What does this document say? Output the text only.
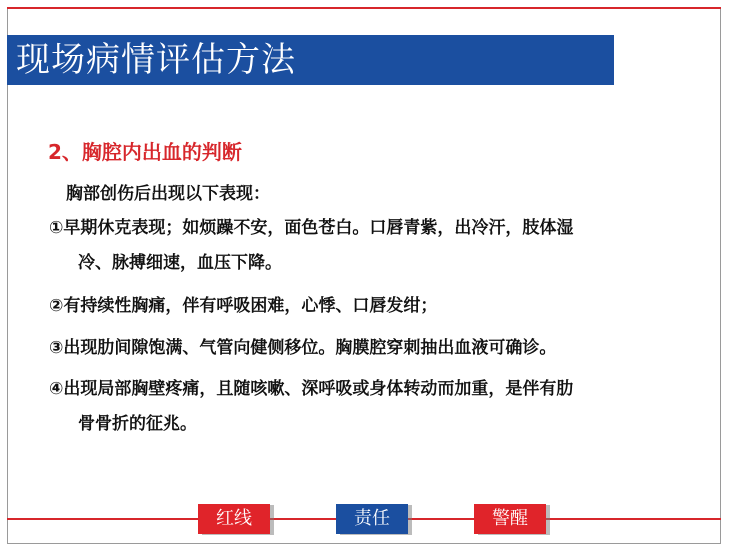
现场病情评估方法
2、胸腔内出血的判断
胸部创伤后出现以下表现：
①早期休克表现；如烦躁不安，面色苍白。口唇青紫，出冷汗，肢体湿
冷、脉搏细速，血压下降。
②有持续性胸痛，伴有呼吸困难，心悸、口唇发绀；
③出现肋间隙饱满、气管向健侧移位。胸膜腔穿刺抽出血液可确诊。
④出现局部胸壁疼痛，且随咳嗽、深呼吸或身体转动而加重，是伴有肋
骨骨折的征兆。
红线	责任	警醒
